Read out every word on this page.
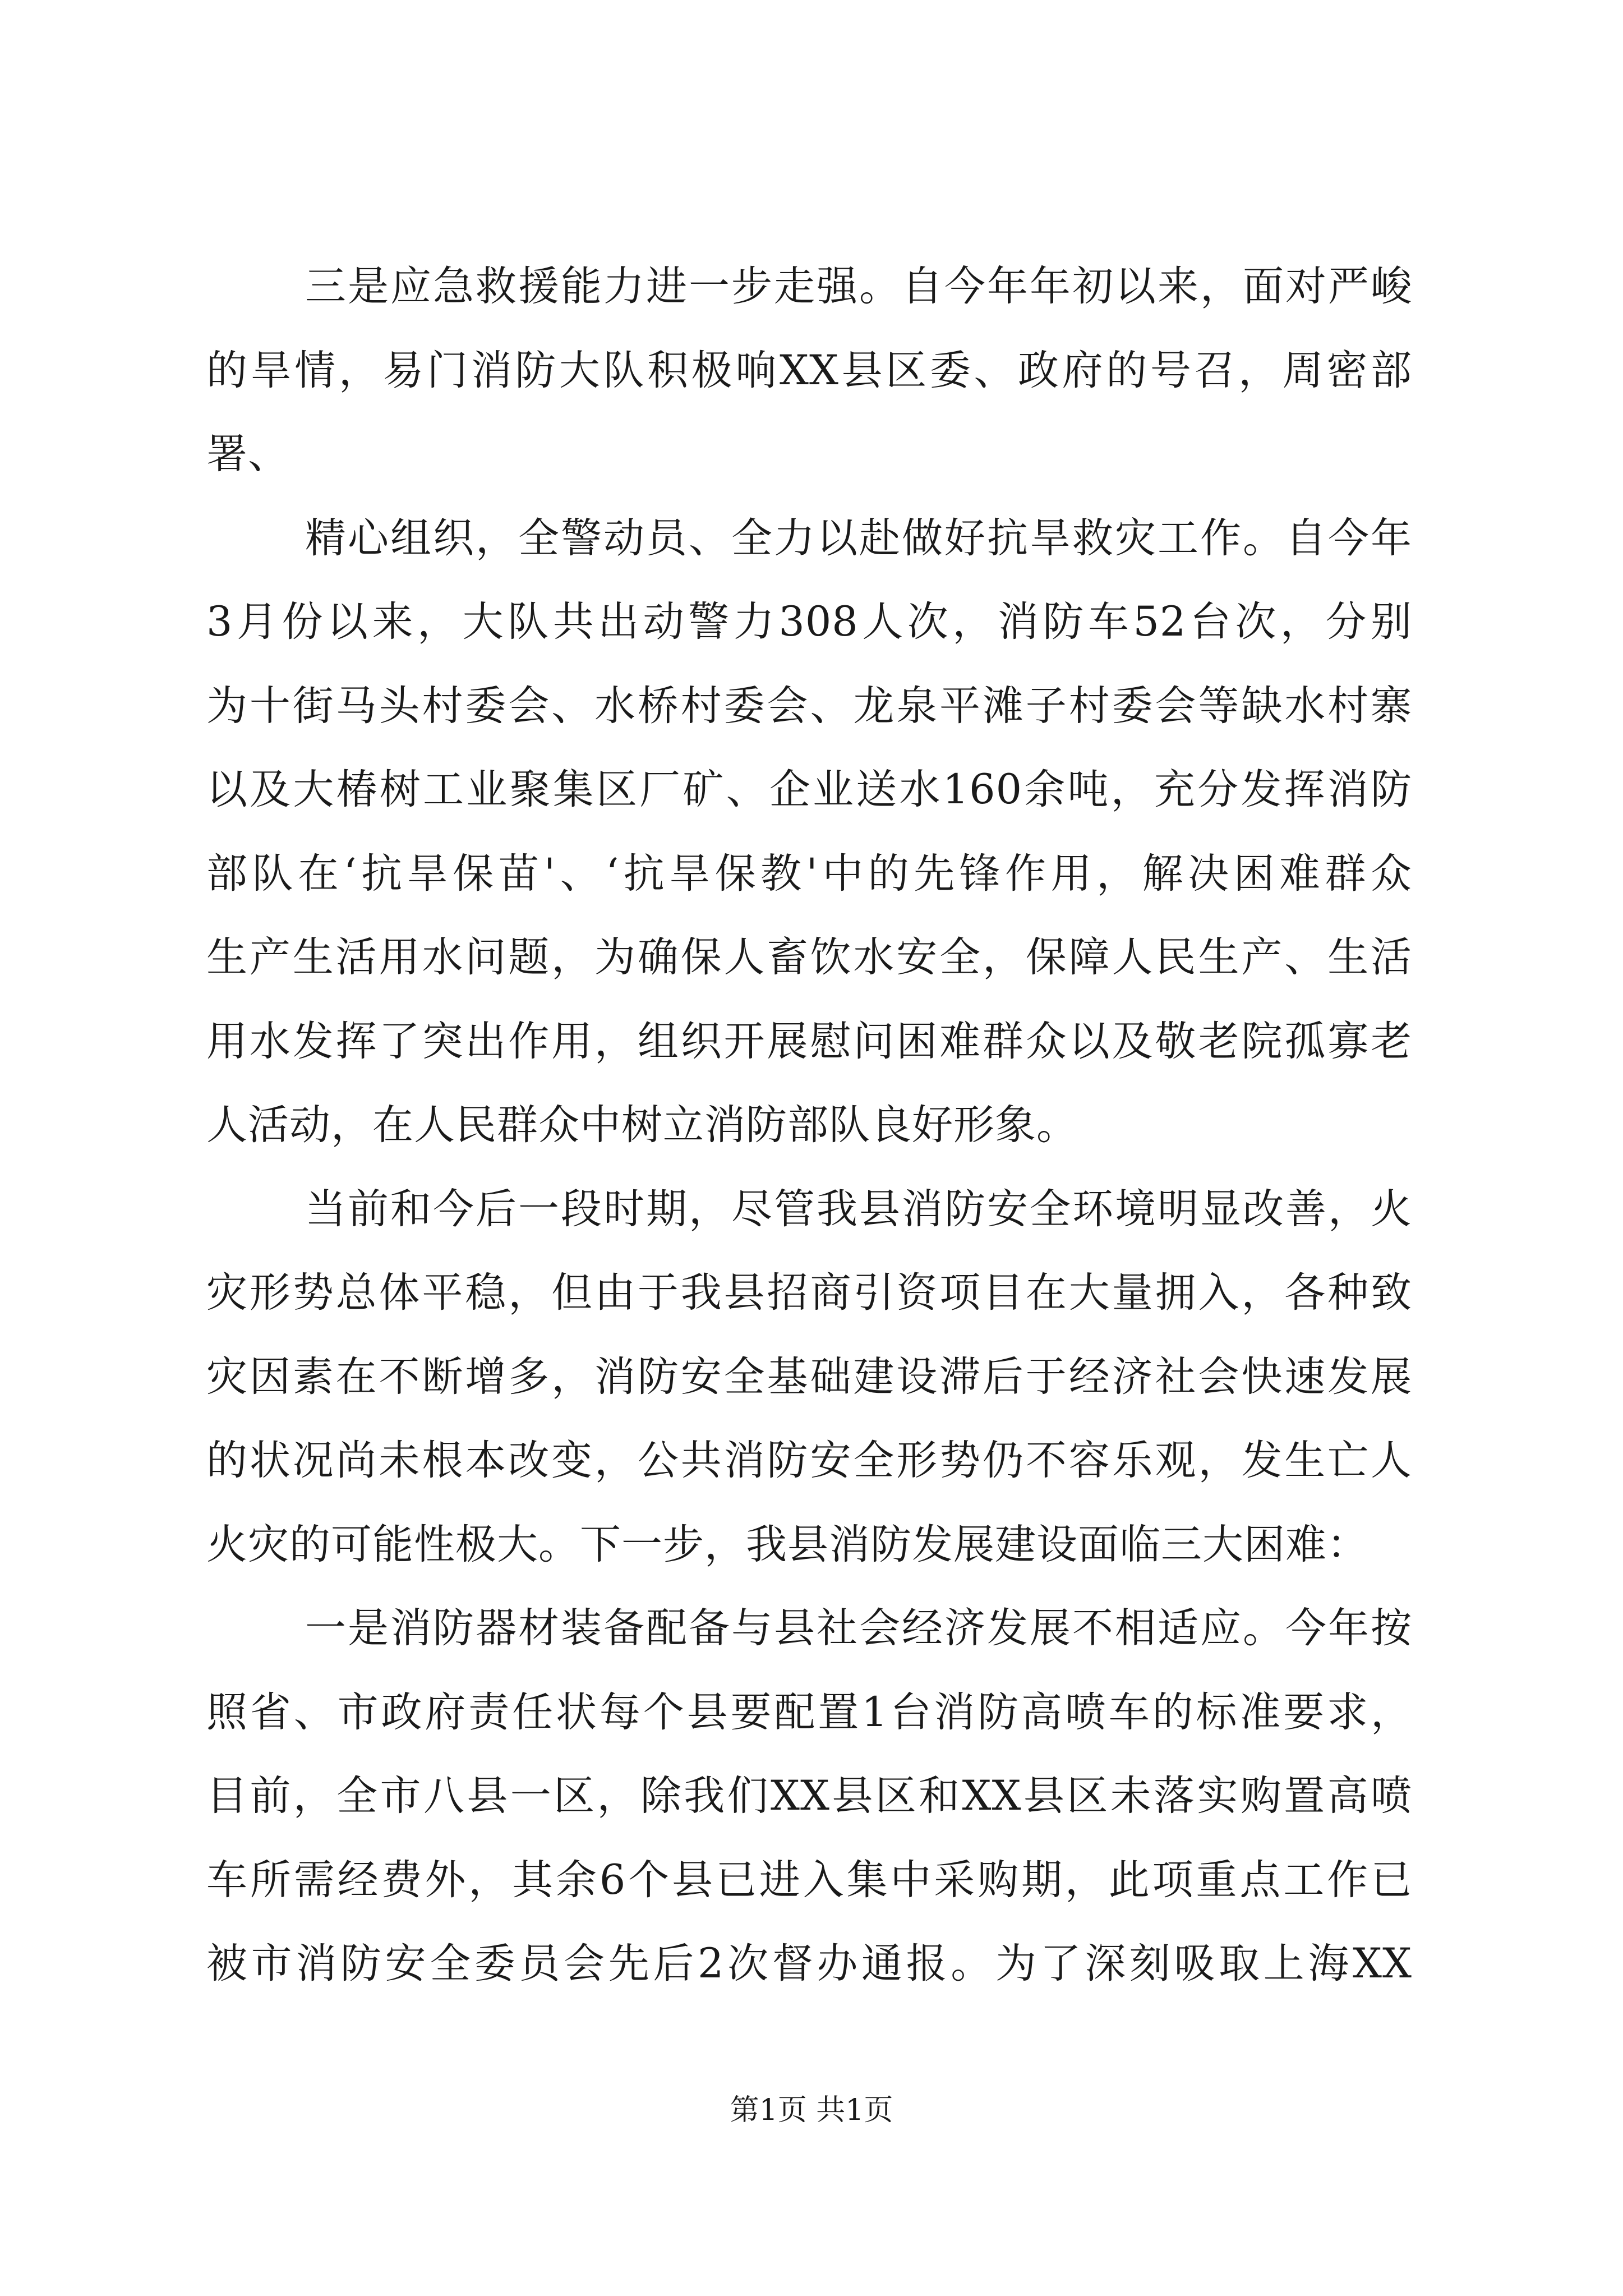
三是应急救援能力进一步走强。自今年年初以来，面对严峻
的旱情，易门消防大队积极响XX县区委、政府的号召，周密部
署、
精心组织，全警动员、全力以赴做好抗旱救灾工作。自今年
3月份以来，大队共出动警力308人次，消防车52台次，分别
为十街马头村委会、水桥村委会、龙泉平滩子村委会等缺水村寨
以及大椿树工业聚集区厂矿、企业送水160余吨，充分发挥消防
部队在‘抗旱保苗'、‘抗旱保教'中的先锋作用，解决困难群众
生产生活用水问题，为确保人畜饮水安全，保障人民生产、生活
用水发挥了突出作用，组织开展慰问困难群众以及敬老院孤寡老
人活动，在人民群众中树立消防部队良好形象。
当前和今后一段时期，尽管我县消防安全环境明显改善，火
灾形势总体平稳，但由于我县招商引资项目在大量拥入，各种致
灾因素在不断增多，消防安全基础建设滞后于经济社会快速发展
的状况尚未根本改变，公共消防安全形势仍不容乐观，发生亡人
火灾的可能性极大。下一步，我县消防发展建设面临三大困难：
一是消防器材装备配备与县社会经济发展不相适应。今年按
照省、市政府责任状每个县要配置1台消防高喷车的标准要求，
目前，全市八县一区，除我们XX县区和XX县区未落实购置高喷
车所需经费外，其余6个县已进入集中采购期，此项重点工作已
被市消防安全委员会先后2次督办通报。为了深刻吸取上海XX
第1页 共1页
